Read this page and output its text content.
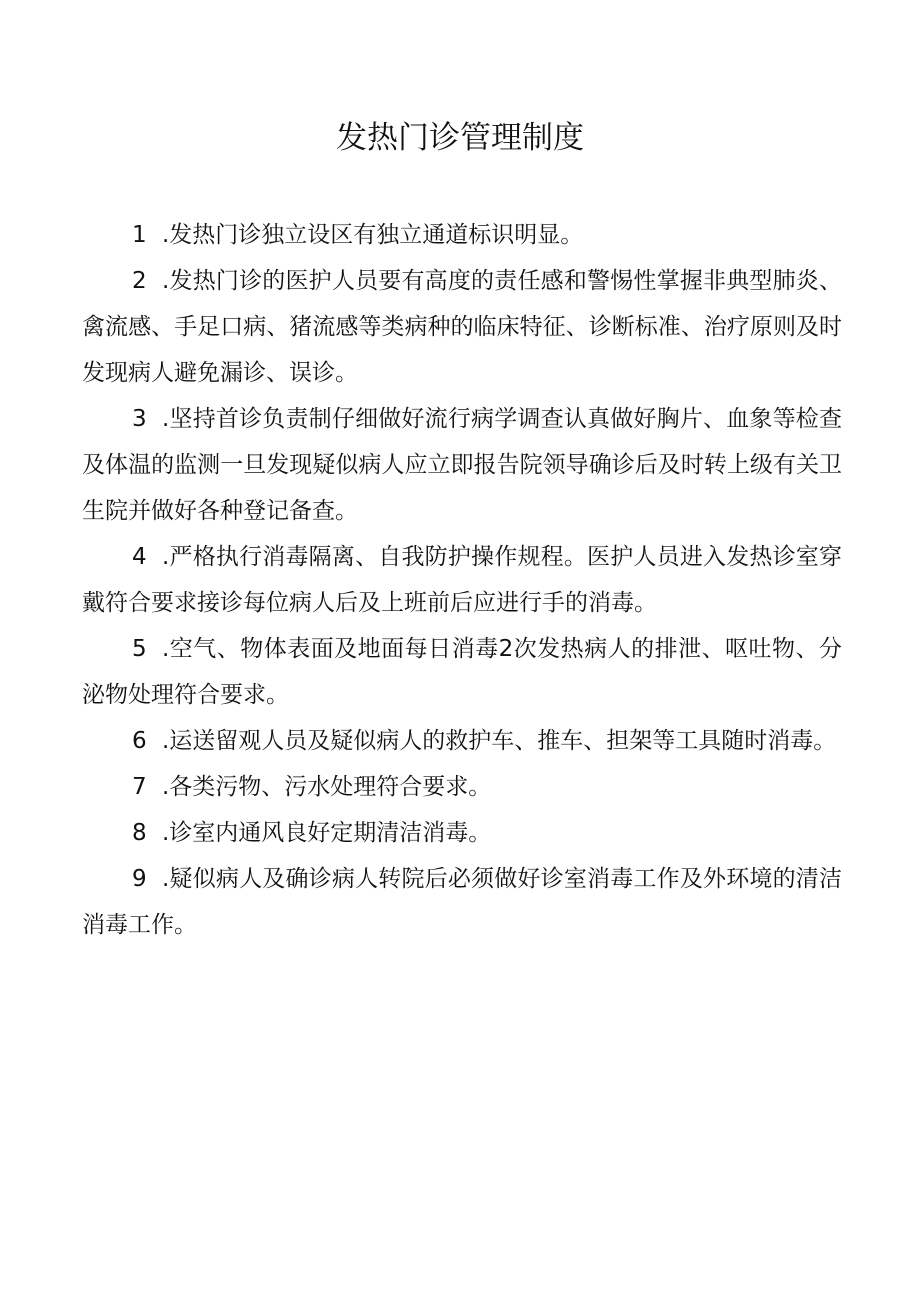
发热门诊管理制度

1 .发热门诊独立设区有独立通道标识明显。

2 .发热门诊的医护人员要有高度的责任感和警惕性掌握非典型肺炎、禽流感、手足口病、猪流感等类病种的临床特征、诊断标准、治疗原则及时发现病人避免漏诊、误诊。

3 .坚持首诊负责制仔细做好流行病学调查认真做好胸片、血象等检查及体温的监测一旦发现疑似病人应立即报告院领导确诊后及时转上级有关卫生院并做好各种登记备查。

4 .严格执行消毒隔离、自我防护操作规程。医护人员进入发热诊室穿戴符合要求接诊每位病人后及上班前后应进行手的消毒。

5 .空气、物体表面及地面每日消毒2次发热病人的排泄、呕吐物、分泌物处理符合要求。

6 .运送留观人员及疑似病人的救护车、推车、担架等工具随时消毒。

7 .各类污物、污水处理符合要求。

8 .诊室内通风良好定期清洁消毒。

9 .疑似病人及确诊病人转院后必须做好诊室消毒工作及外环境的清洁消毒工作。
